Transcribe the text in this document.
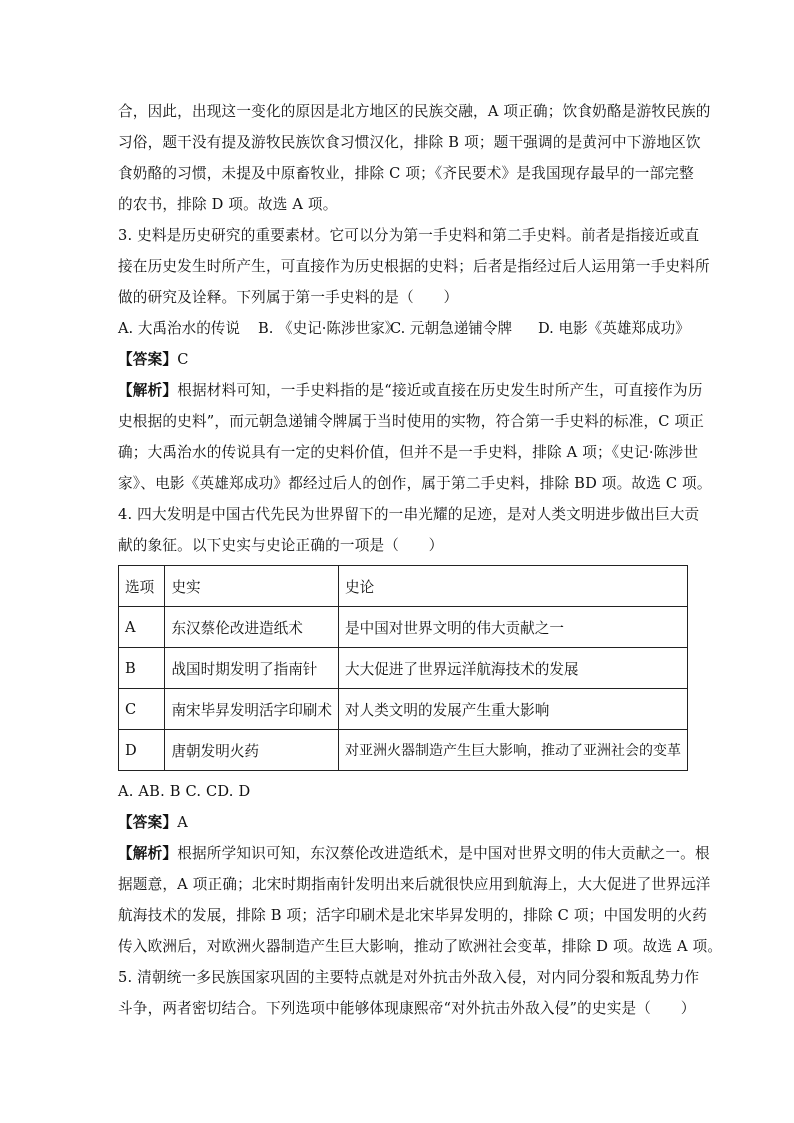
合，因此，出现这一变化的原因是北方地区的民族交融，A 项正确；饮食奶酪是游牧民族的
习俗，题干没有提及游牧民族饮食习惯汉化，排除 B 项；题干强调的是黄河中下游地区饮
食奶酪的习惯，未提及中原畜牧业，排除 C 项；《齐民要术》是我国现存最早的一部完整
的农书，排除 D 项。故选 A 项。
3. 史料是历史研究的重要素材。它可以分为第一手史料和第二手史料。前者是指接近或直
接在历史发生时所产生，可直接作为历史根据的史料；后者是指经过后人运用第一手史料所
做的研究及诠释。下列属于第一手史料的是（　　）
A. 大禹治水的传说 B. 《史记·陈涉世家》
C. 元朝急递铺令牌 D. 电影《英雄郑成功》
【答案】C
【解析】根据材料可知，一手史料指的是“接近或直接在历史发生时所产生，可直接作为历
史根据的史料”，而元朝急递铺令牌属于当时使用的实物，符合第一手史料的标准，C 项正
确；大禹治水的传说具有一定的史料价值，但并不是一手史料，排除 A 项；《史记·陈涉世
家》、电影《英雄郑成功》都经过后人的创作，属于第二手史料，排除 BD 项。故选 C 项。
4. 四大发明是中国古代先民为世界留下的一串光耀的足迹，是对人类文明进步做出巨大贡
献的象征。以下史实与史论正确的一项是（　　）
选项	史实	史论
A	东汉蔡伦改进造纸术	是中国对世界文明的伟大贡献之一
B	战国时期发明了指南针	大大促进了世界远洋航海技术的发展
C	南宋毕昇发明活字印刷术	对人类文明的发展产生重大影响
D	唐朝发明火药	对亚洲火器制造产生巨大影响，推动了亚洲社会的变革
A. AB. B C. CD. D
【答案】A
【解析】根据所学知识可知，东汉蔡伦改进造纸术，是中国对世界文明的伟大贡献之一。根
据题意，A 项正确；北宋时期指南针发明出来后就很快应用到航海上，大大促进了世界远洋
航海技术的发展，排除 B 项；活字印刷术是北宋毕昇发明的，排除 C 项；中国发明的火药
传入欧洲后，对欧洲火器制造产生巨大影响，推动了欧洲社会变革，排除 D 项。故选 A 项。
5. 清朝统一多民族国家巩固的主要特点就是对外抗击外敌入侵，对内同分裂和叛乱势力作
斗争，两者密切结合。下列选项中能够体现康熙帝“对外抗击外敌入侵”的史实是（　　）
